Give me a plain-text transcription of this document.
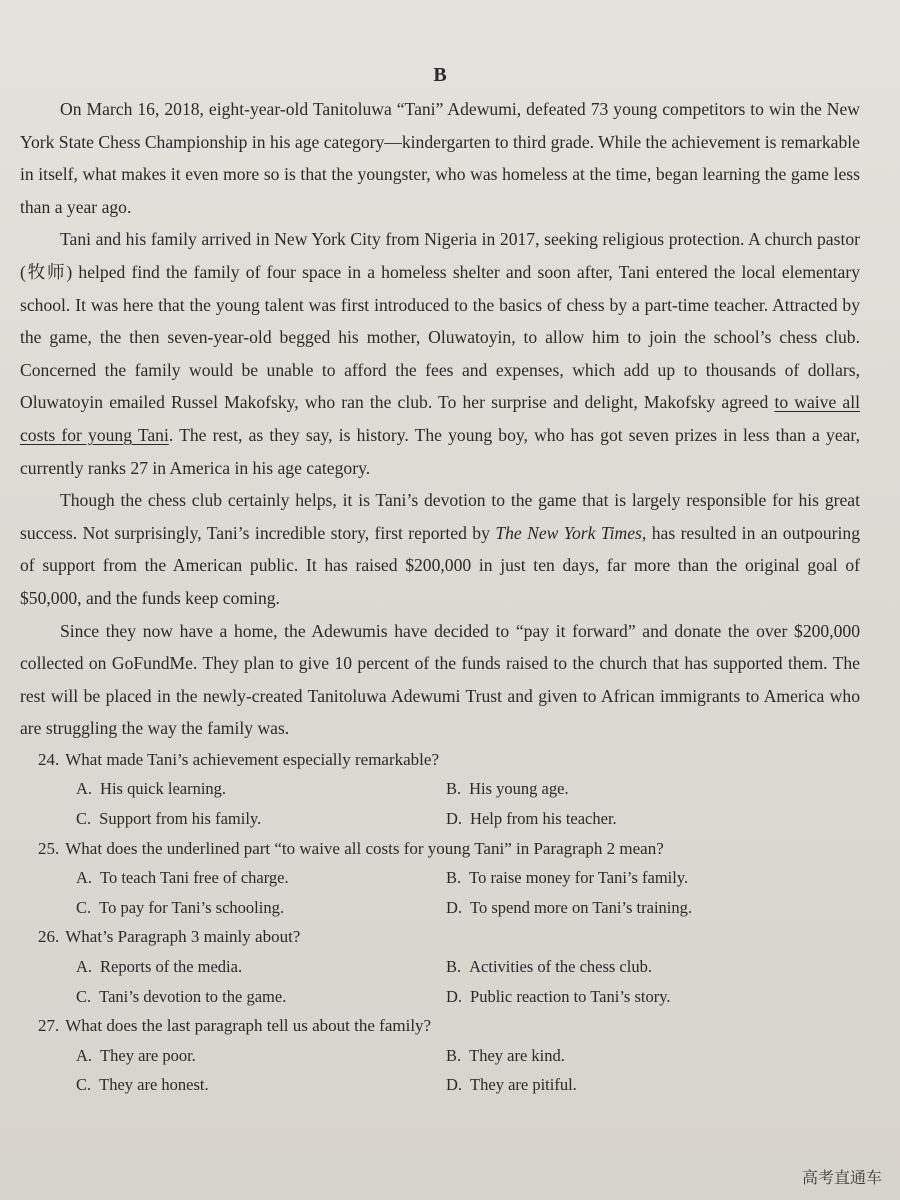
B

On March 16, 2018, eight-year-old Tanitoluwa “Tani” Adewumi, defeated 73 young competitors to win the New York State Chess Championship in his age category—kindergarten to third grade. While the achievement is remarkable in itself, what makes it even more so is that the youngster, who was homeless at the time, began learning the game less than a year ago.

Tani and his family arrived in New York City from Nigeria in 2017, seeking religious protection. A church pastor (牧师) helped find the family of four space in a homeless shelter and soon after, Tani entered the local elementary school. It was here that the young talent was first introduced to the basics of chess by a part-time teacher. Attracted by the game, the then seven-year-old begged his mother, Oluwatoyin, to allow him to join the school’s chess club. Concerned the family would be unable to afford the fees and expenses, which add up to thousands of dollars, Oluwatoyin emailed Russel Makofsky, who ran the club. To her surprise and delight, Makofsky agreed to waive all costs for young Tani. The rest, as they say, is history. The young boy, who has got seven prizes in less than a year, currently ranks 27 in America in his age category.

Though the chess club certainly helps, it is Tani’s devotion to the game that is largely responsible for his great success. Not surprisingly, Tani’s incredible story, first reported by The New York Times, has resulted in an outpouring of support from the American public. It has raised $200,000 in just ten days, far more than the original goal of $50,000, and the funds keep coming.

Since they now have a home, the Adewumis have decided to “pay it forward” and donate the over $200,000 collected on GoFundMe. They plan to give 10 percent of the funds raised to the church that has supported them. The rest will be placed in the newly-created Tanitoluwa Adewumi Trust and given to African immigrants to America who are struggling the way the family was.

24. What made Tani’s achievement especially remarkable?
A. His quick learning.	B. His young age.
C. Support from his family.	D. Help from his teacher.
25. What does the underlined part “to waive all costs for young Tani” in Paragraph 2 mean?
A. To teach Tani free of charge.	B. To raise money for Tani’s family.
C. To pay for Tani’s schooling.	D. To spend more on Tani’s training.
26. What’s Paragraph 3 mainly about?
A. Reports of the media.	B. Activities of the chess club.
C. Tani’s devotion to the game.	D. Public reaction to Tani’s story.
27. What does the last paragraph tell us about the family?
A. They are poor.	B. They are kind.
C. They are honest.	D. They are pitiful.
高考直通车
